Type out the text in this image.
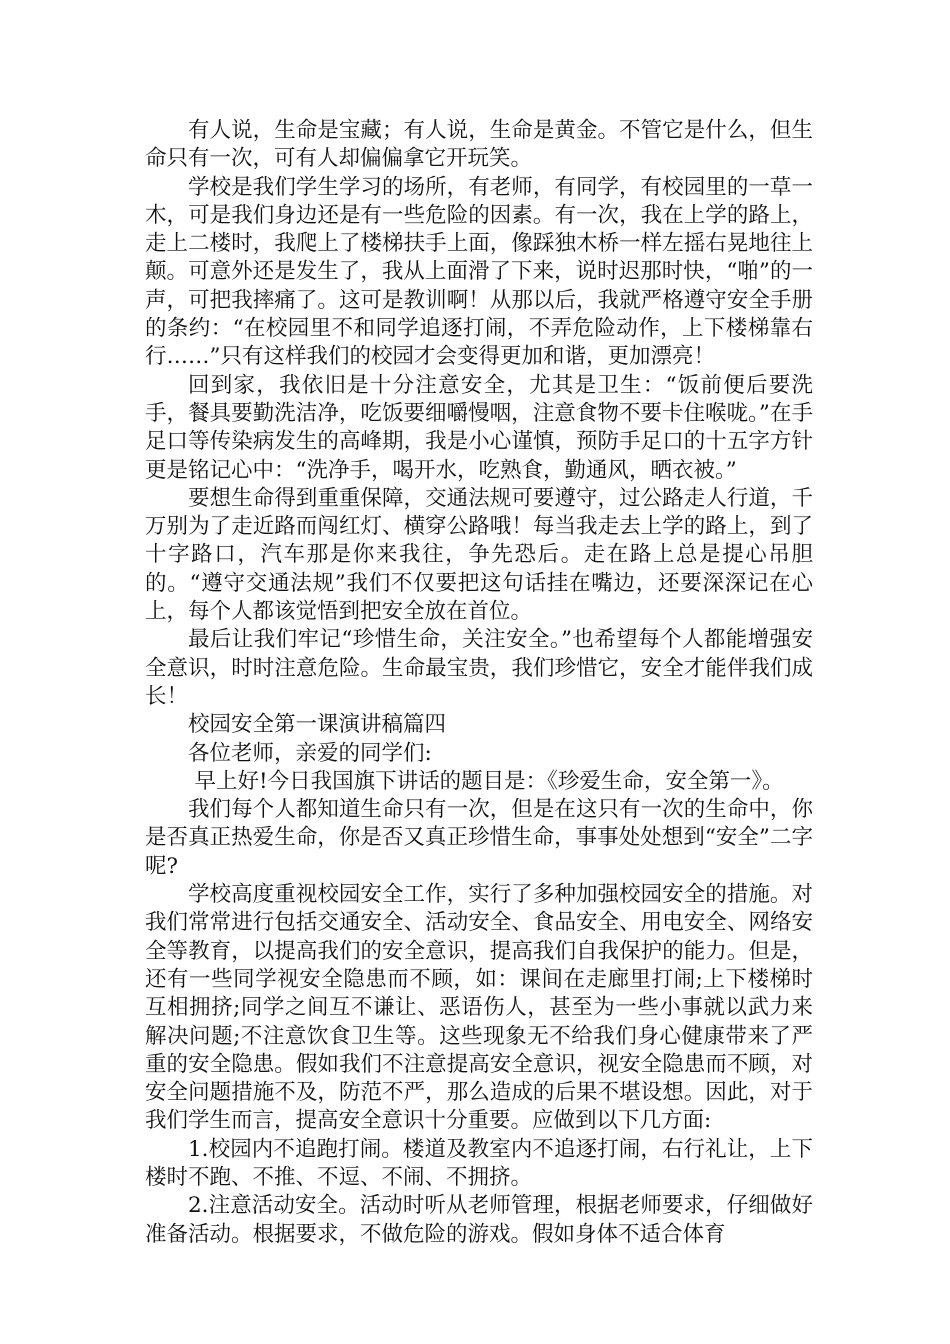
有人说，生命是宝藏；有人说，生命是黄金。不管它是什么，但生命只有一次，可有人却偏偏拿它开玩笑。

学校是我们学生学习的场所，有老师，有同学，有校园里的一草一木，可是我们身边还是有一些危险的因素。有一次，我在上学的路上，走上二楼时，我爬上了楼梯扶手上面，像踩独木桥一样左摇右晃地往上颠。可意外还是发生了，我从上面滑了下来，说时迟那时快，“啪”的一声，可把我摔痛了。这可是教训啊！从那以后，我就严格遵守安全手册的条约：“在校园里不和同学追逐打闹，不弄危险动作，上下楼梯靠右行……”只有这样我们的校园才会变得更加和谐，更加漂亮！

回到家，我依旧是十分注意安全，尤其是卫生：“饭前便后要洗手，餐具要勤洗洁净，吃饭要细嚼慢咽，注意食物不要卡住喉咙。”在手足口等传染病发生的高峰期，我是小心谨慎，预防手足口的十五字方针更是铭记心中：“洗净手，喝开水，吃熟食，勤通风，晒衣被。”

要想生命得到重重保障，交通法规可要遵守，过公路走人行道，千万别为了走近路而闯红灯、横穿公路哦！每当我走去上学的路上，到了十字路口，汽车那是你来我往，争先恐后。走在路上总是提心吊胆的。“遵守交通法规”我们不仅要把这句话挂在嘴边，还要深深记在心上，每个人都该觉悟到把安全放在首位。

最后让我们牢记“珍惜生命，关注安全。”也希望每个人都能增强安全意识，时时注意危险。生命最宝贵，我们珍惜它，安全才能伴我们成长！

校园安全第一课演讲稿篇四

各位老师，亲爱的同学们:

早上好!今日我国旗下讲话的题目是：《珍爱生命，安全第一》。

我们每个人都知道生命只有一次，但是在这只有一次的生命中，你是否真正热爱生命，你是否又真正珍惜生命，事事处处想到“安全”二字呢?

学校高度重视校园安全工作，实行了多种加强校园安全的措施。对我们常常进行包括交通安全、活动安全、食品安全、用电安全、网络安全等教育，以提高我们的安全意识，提高我们自我保护的能力。但是，还有一些同学视安全隐患而不顾，如：课间在走廊里打闹;上下楼梯时互相拥挤;同学之间互不谦让、恶语伤人，甚至为一些小事就以武力来解决问题;不注意饮食卫生等。这些现象无不给我们身心健康带来了严重的安全隐患。假如我们不注意提高安全意识，视安全隐患而不顾，对安全问题措施不及，防范不严，那么造成的后果不堪设想。因此，对于我们学生而言，提高安全意识十分重要。应做到以下几方面:

1.校园内不追跑打闹。楼道及教室内不追逐打闹，右行礼让，上下楼时不跑、不推、不逗、不闹、不拥挤。

2.注意活动安全。活动时听从老师管理，根据老师要求，仔细做好准备活动。根据要求，不做危险的游戏。假如身体不适合体育
